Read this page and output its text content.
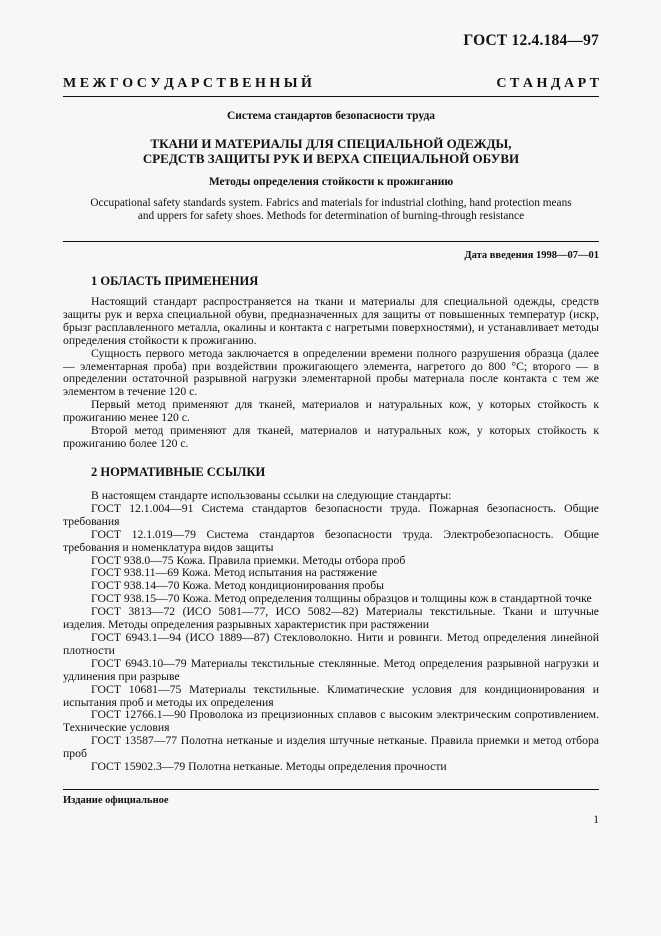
ГОСТ 12.4.184—97
М Е Ж Г О С У Д А Р С Т В Е Н Н Ы Й	С Т А Н Д А Р Т
Система стандартов безопасности труда
ТКАНИ И МАТЕРИАЛЫ ДЛЯ СПЕЦИАЛЬНОЙ ОДЕЖДЫ,
СРЕДСТВ ЗАЩИТЫ РУК И ВЕРХА СПЕЦИАЛЬНОЙ ОБУВИ
Методы определения стойкости к прожиганию
Occupational safety standards system. Fabrics and materials for industrial clothing, hand protection means
and uppers for safety shoes. Methods for determination of burning-through resistance
Дата введения 1998—07—01
1 ОБЛАСТЬ ПРИМЕНЕНИЯ

Настоящий стандарт распространяется на ткани и материалы для специальной одежды, средств защиты рук и верха специальной обуви, предназначенных для защиты от повышенных температур (искр, брызг расплавленного металла, окалины и контакта с нагретыми поверхностями), и устанавливает методы определения стойкости к прожиганию.

Сущность первого метода заключается в определении времени полного разрушения образца (далее — элементарная проба) при воздействии прожигающего элемента, нагретого до 800 °С; второго — в определении остаточной разрывной нагрузки элементарной пробы материала после контакта с тем же элементом в течение 120 с.

Первый метод применяют для тканей, материалов и натуральных кож, у которых стойкость к прожиганию менее 120 с.

Второй метод применяют для тканей, материалов и натуральных кож, у которых стойкость к прожиганию более 120 с.

2 НОРМАТИВНЫЕ ССЫЛКИ

В настоящем стандарте использованы ссылки на следующие стандарты:

ГОСТ 12.1.004—91 Система стандартов безопасности труда. Пожарная безопасность. Общие требования

ГОСТ 12.1.019—79 Система стандартов безопасности труда. Электробезопасность. Общие требования и номенклатура видов защиты

ГОСТ 938.0—75 Кожа. Правила приемки. Методы отбора проб

ГОСТ 938.11—69 Кожа. Метод испытания на растяжение

ГОСТ 938.14—70 Кожа. Метод кондиционирования пробы

ГОСТ 938.15—70 Кожа. Метод определения толщины образцов и толщины кож в стандартной точке

ГОСТ 3813—72 (ИСО 5081—77, ИСО 5082—82) Материалы текстильные. Ткани и штучные изделия. Методы определения разрывных характеристик при растяжении

ГОСТ 6943.1—94 (ИСО 1889—87) Стекловолокно. Нити и ровинги. Метод определения линейной плотности

ГОСТ 6943.10—79 Материалы текстильные стеклянные. Метод определения разрывной нагрузки и удлинения при разрыве

ГОСТ 10681—75 Материалы текстильные. Климатические условия для кондиционирования и испытания проб и методы их определения

ГОСТ 12766.1—90 Проволока из прецизионных сплавов с высоким электрическим сопротивлением. Технические условия

ГОСТ 13587—77 Полотна нетканые и изделия штучные нетканые. Правила приемки и метод отбора проб

ГОСТ 15902.3—79 Полотна нетканые. Методы определения прочности

Издание официальное
1
